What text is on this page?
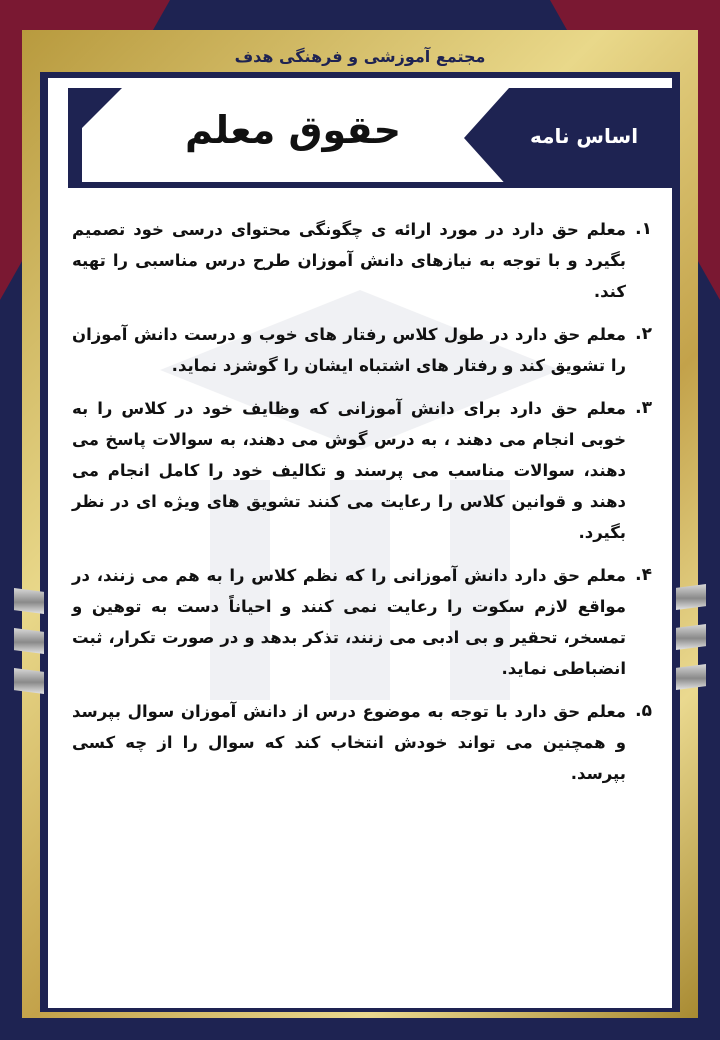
مجتمع آموزشی و فرهنگی هدف
حقوق معلم	اساس نامه
۱.
معلم حق دارد در مورد ارائه ی چگونگی محتوای درسی خود تصمیم بگیرد و با توجه به نیازهای دانش آموزان طرح درس مناسبی را تهیه کند.
۲.
معلم حق دارد در طول کلاس رفتار های خوب و درست دانش آموزان را تشویق کند و رفتار های اشتباه ایشان را گوشزد نماید.
۳.
معلم حق دارد برای دانش آموزانی که وظایف خود در کلاس را به خوبی انجام می دهند ، به درس گوش می دهند، به سوالات پاسخ می دهند، سوالات مناسب می پرسند و تکالیف خود را کامل انجام می دهند و قوانین کلاس را رعایت می کنند تشویق های ویژه ای در نظر بگیرد.
۴.
معلم حق دارد دانش آموزانی را که نظم کلاس را به هم می زنند، در مواقع لازم سکوت را رعایت نمی کنند و احیاناً دست به توهین و تمسخر، تحقیر و بی ادبی می زنند، تذکر بدهد و در صورت تکرار، ثبت انضباطی نماید.
۵.
معلم حق دارد با توجه به موضوع درس از دانش آموزان سوال بپرسد و همچنین می تواند خودش انتخاب کند که سوال را از چه کسی بپرسد.
www.hadafshiraz.ir
